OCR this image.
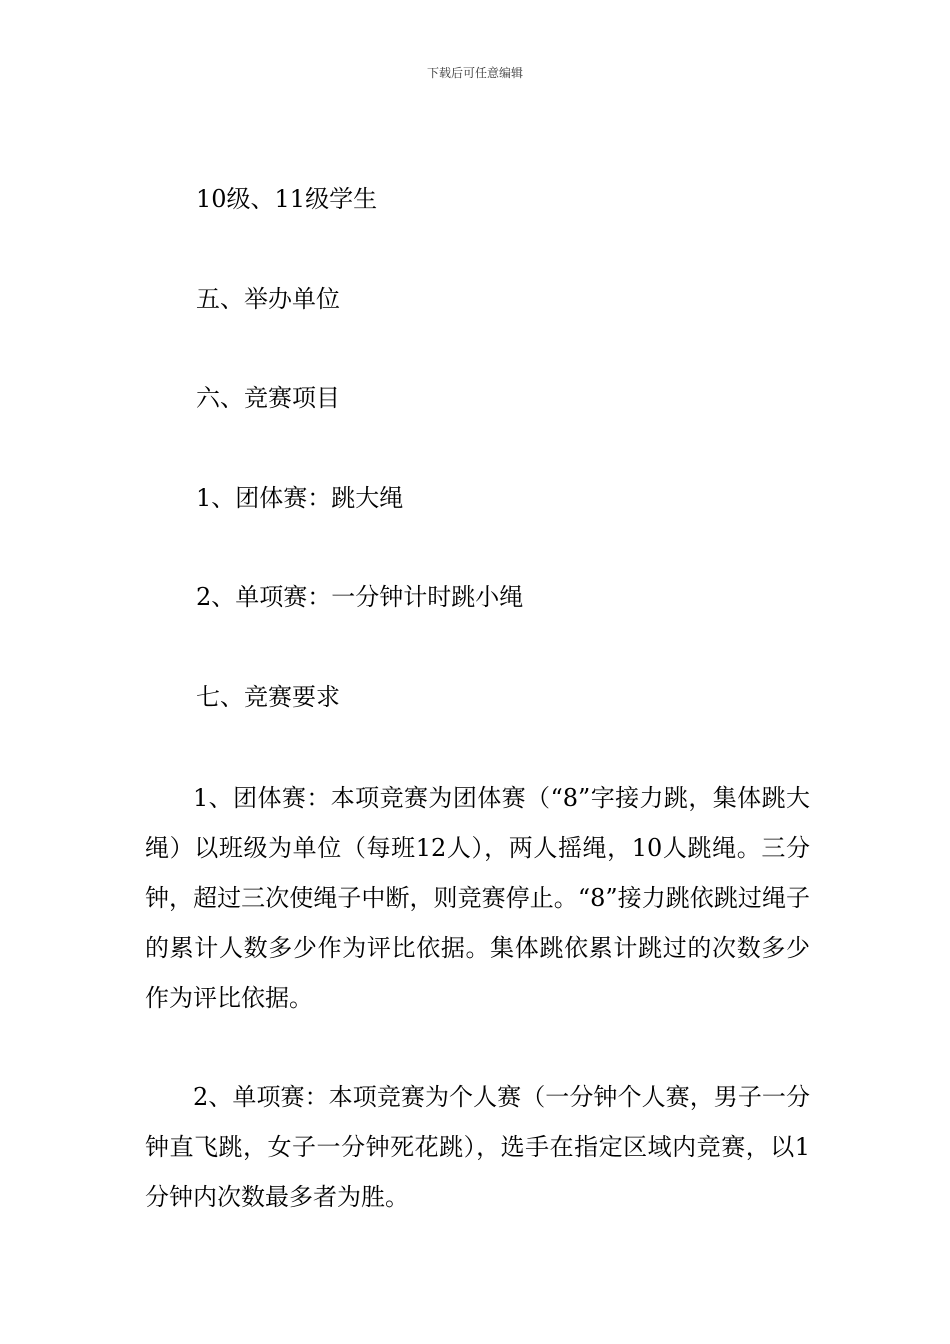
下载后可任意编辑
10级、11级学生
五、举办单位
六、竞赛项目
1、团体赛：跳大绳
2、单项赛：一分钟计时跳小绳
七、竞赛要求

1、团体赛：本项竞赛为团体赛（“8”字接力跳，集体跳大绳）以班级为单位（每班12人），两人摇绳，10人跳绳。三分钟，超过三次使绳子中断，则竞赛停止。“8”接力跳依跳过绳子的累计人数多少作为评比依据。集体跳依累计跳过的次数多少作为评比依据。

2、单项赛：本项竞赛为个人赛（一分钟个人赛，男子一分钟直飞跳，女子一分钟死花跳），选手在指定区域内竞赛，以1分钟内次数最多者为胜。
